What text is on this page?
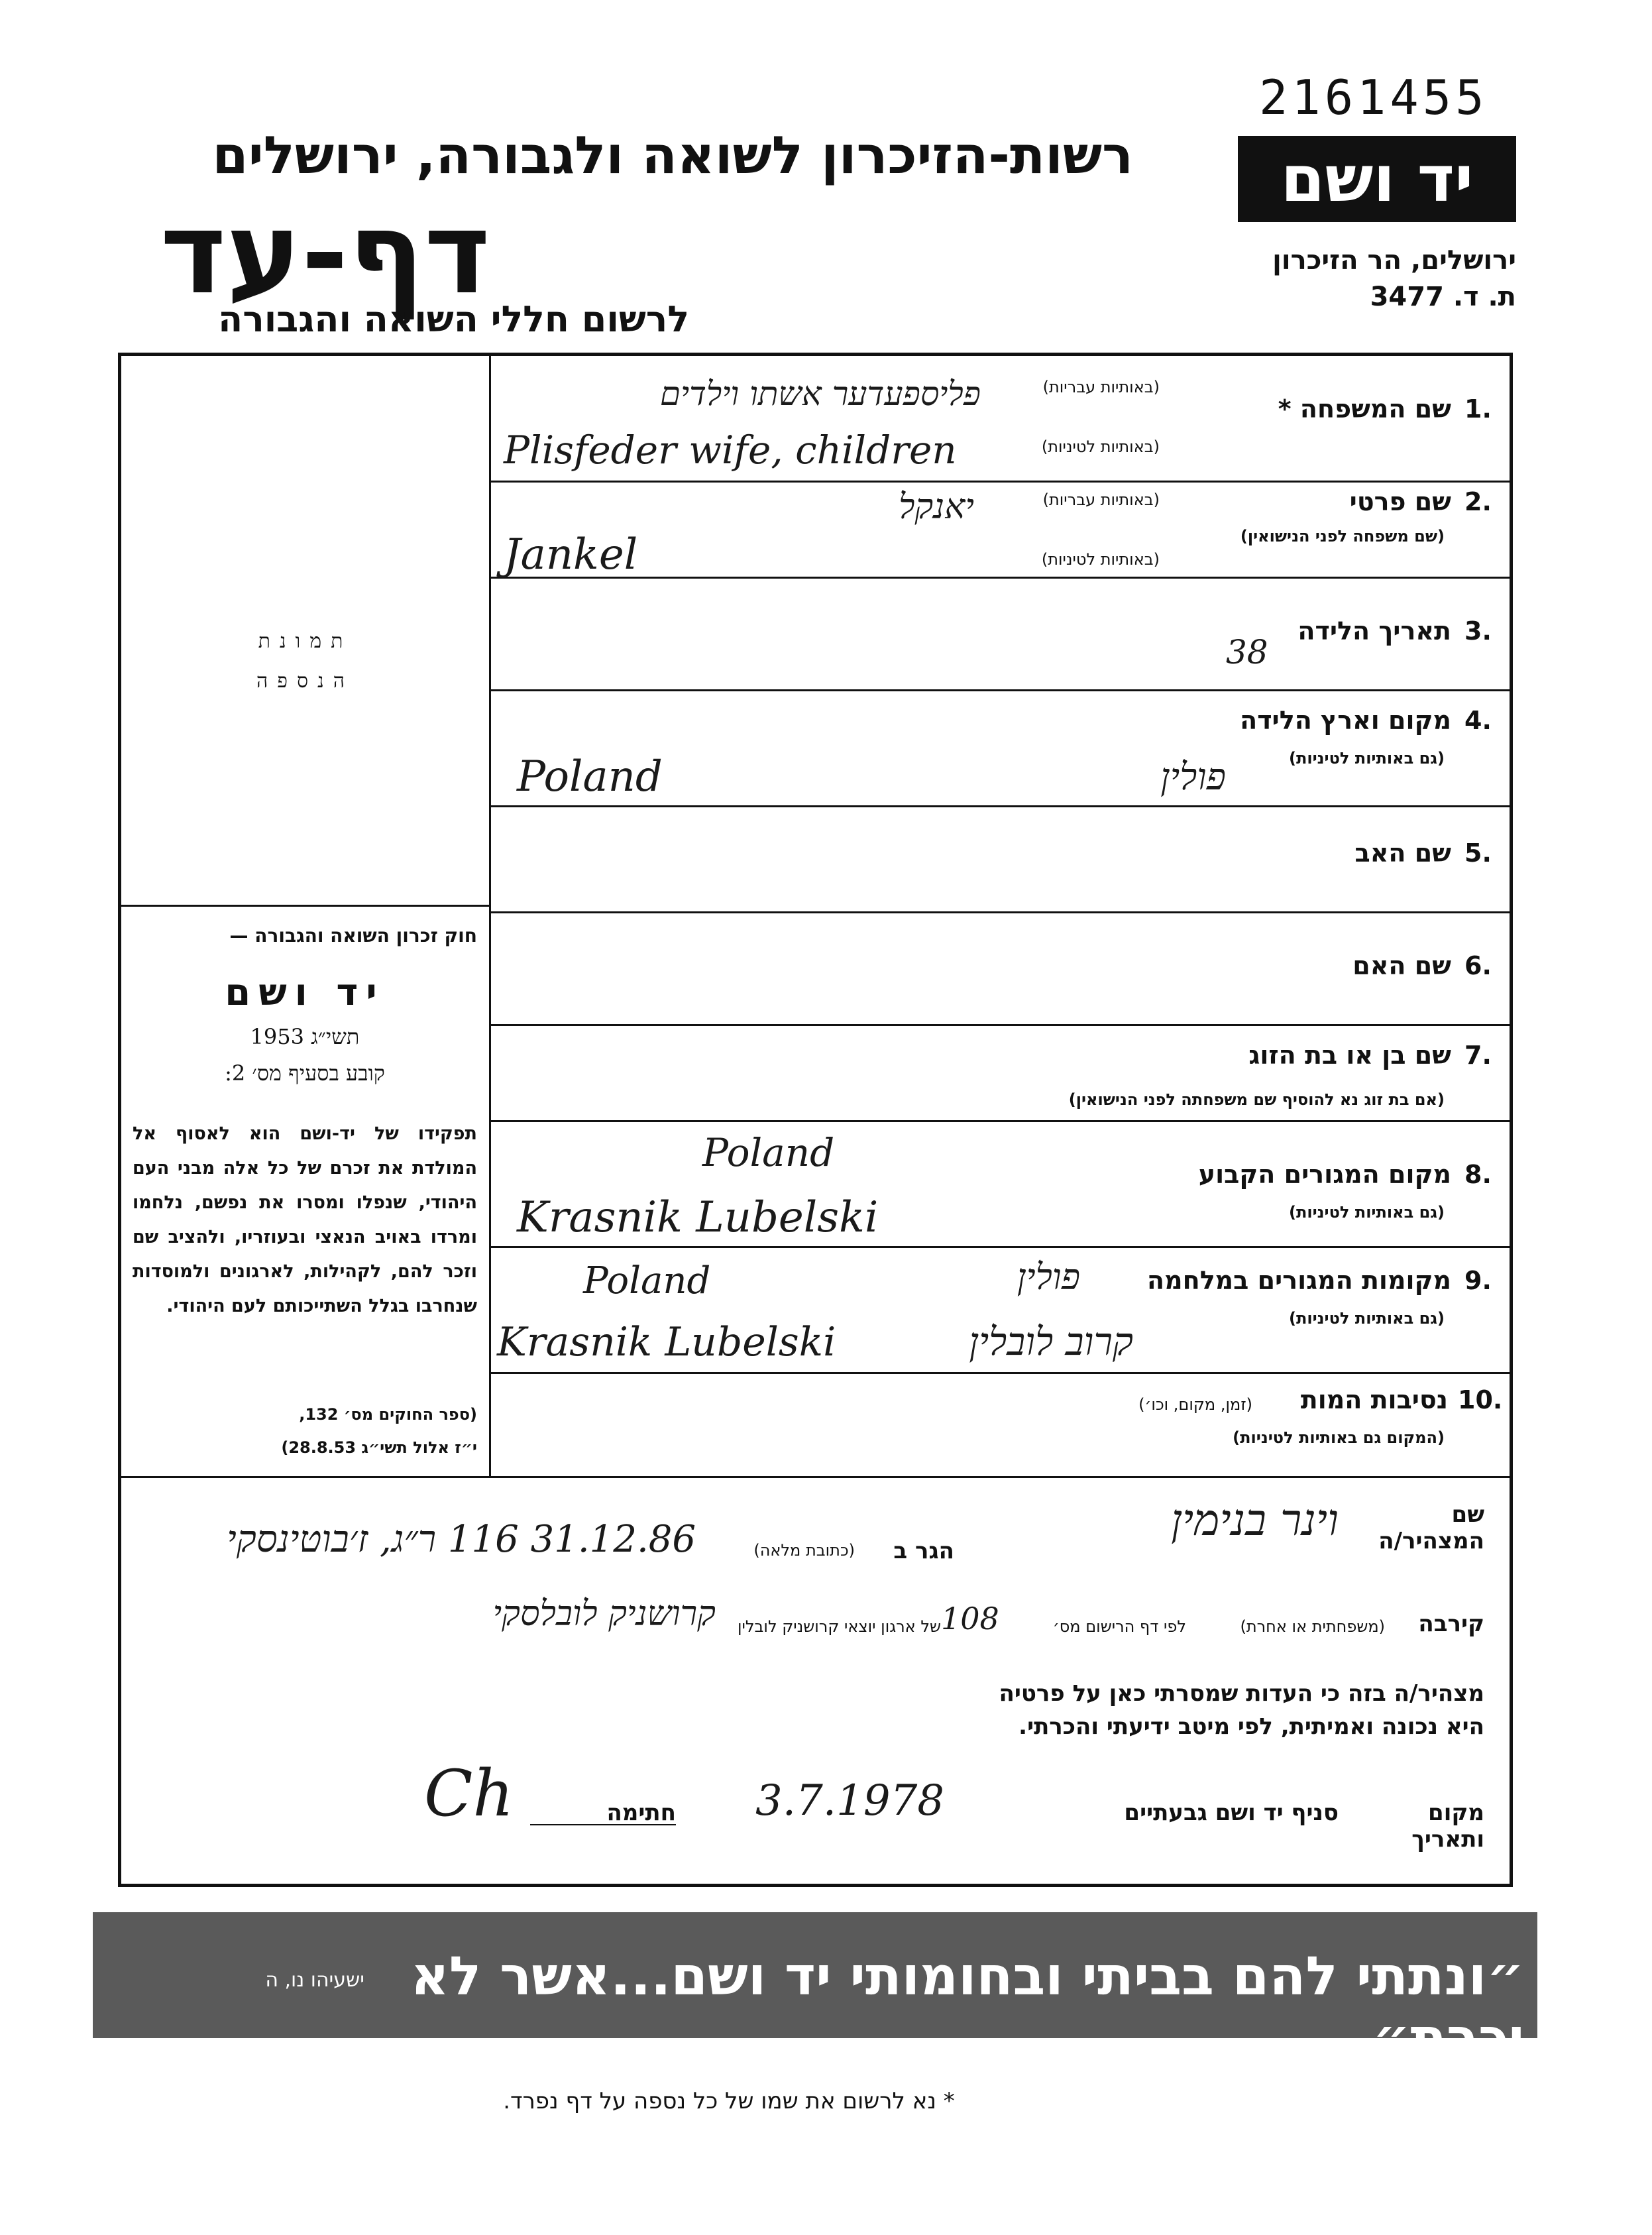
2161455
יד ושם
ירושלים, הר הזיכרון
ת. ד. 3477
רשות-הזיכרון לשואה ולגבורה, ירושלים
דף-עד
לרשום חללי השואה והגבורה
תמונת
הנספה
חוק זכרון השואה והגבורה —
יד ושם
תשי״ג 1953
קובע בסעיף מס׳ 2:
תפקידו של יד-ושם הוא לאסוף אל המולדת את זכרם של כל אלה מבני העם היהודי, שנפלו ומסרו את נפשם, נלחמו ומרדו באויב הנאצי ובעוזריו, ולהציב שם וזכר להם, לקהילות, לארגונים ולמוסדות שנחרבו בגלל השתייכותם לעם היהודי.
(ספר החוקים מס׳ 132,
י״ז אלול תשי״ג 28.8.53)
1.
שם המשפחה *
(באותיות עבריות)
(באותיות לטיניות)
פליספעדער אשתו וילדים
Plisfeder wife, children
2.
שם פרטי
(שם משפחה לפני הנישואין)
(באותיות עבריות)
(באותיות לטיניות)
יאנקל
Jankel
3.
תאריך הלידה
38
4.
מקום וארץ הלידה
(גם באותיות לטיניות)
פולין
Poland
5.
שם האב
6.
שם האם
7.
שם בן או בת הזוג
(אם בת זוג נא להוסיף שם משפחתה לפני הנישואין)
8.
מקום המגורים הקבוע
(גם באותיות לטיניות)
Poland
Krasnik Lubelski
9.
מקומות המגורים במלחמה
(גם באותיות לטיניות)
Poland
Krasnik Lubelski
פולין
קרוב לובלין
10.
נסיבות המות
(זמן, מקום, וכו׳)
(המקום גם באותיות לטיניות)
שם המצהיר/ה
וינר בנימין
הגר ב
(כתובת מלאה)
31.12.86 116 ר״ג, ז׳בוטינסקי
קירבה
(משפחתית או אחרת)
לפי דף הרישום מס׳
108
של ארגון יוצאי קרושניק לובלין
קרושניק לובלסקי
מצהיר/ה בזה כי העדות שמסרתי כאן על פרטיה
היא נכונה ואמיתית, לפי מיטב ידיעתי והכרתי.
מקום ותאריך
סניף יד ושם גבעתיים
3.7.1978
חתימה
Ch
״ונתתי להם בביתי ובחומותי יד ושם...אשר לא יכרת״
ישעיהו נו, ה
* נא לרשום את שמו של כל נספה על דף נפרד.
